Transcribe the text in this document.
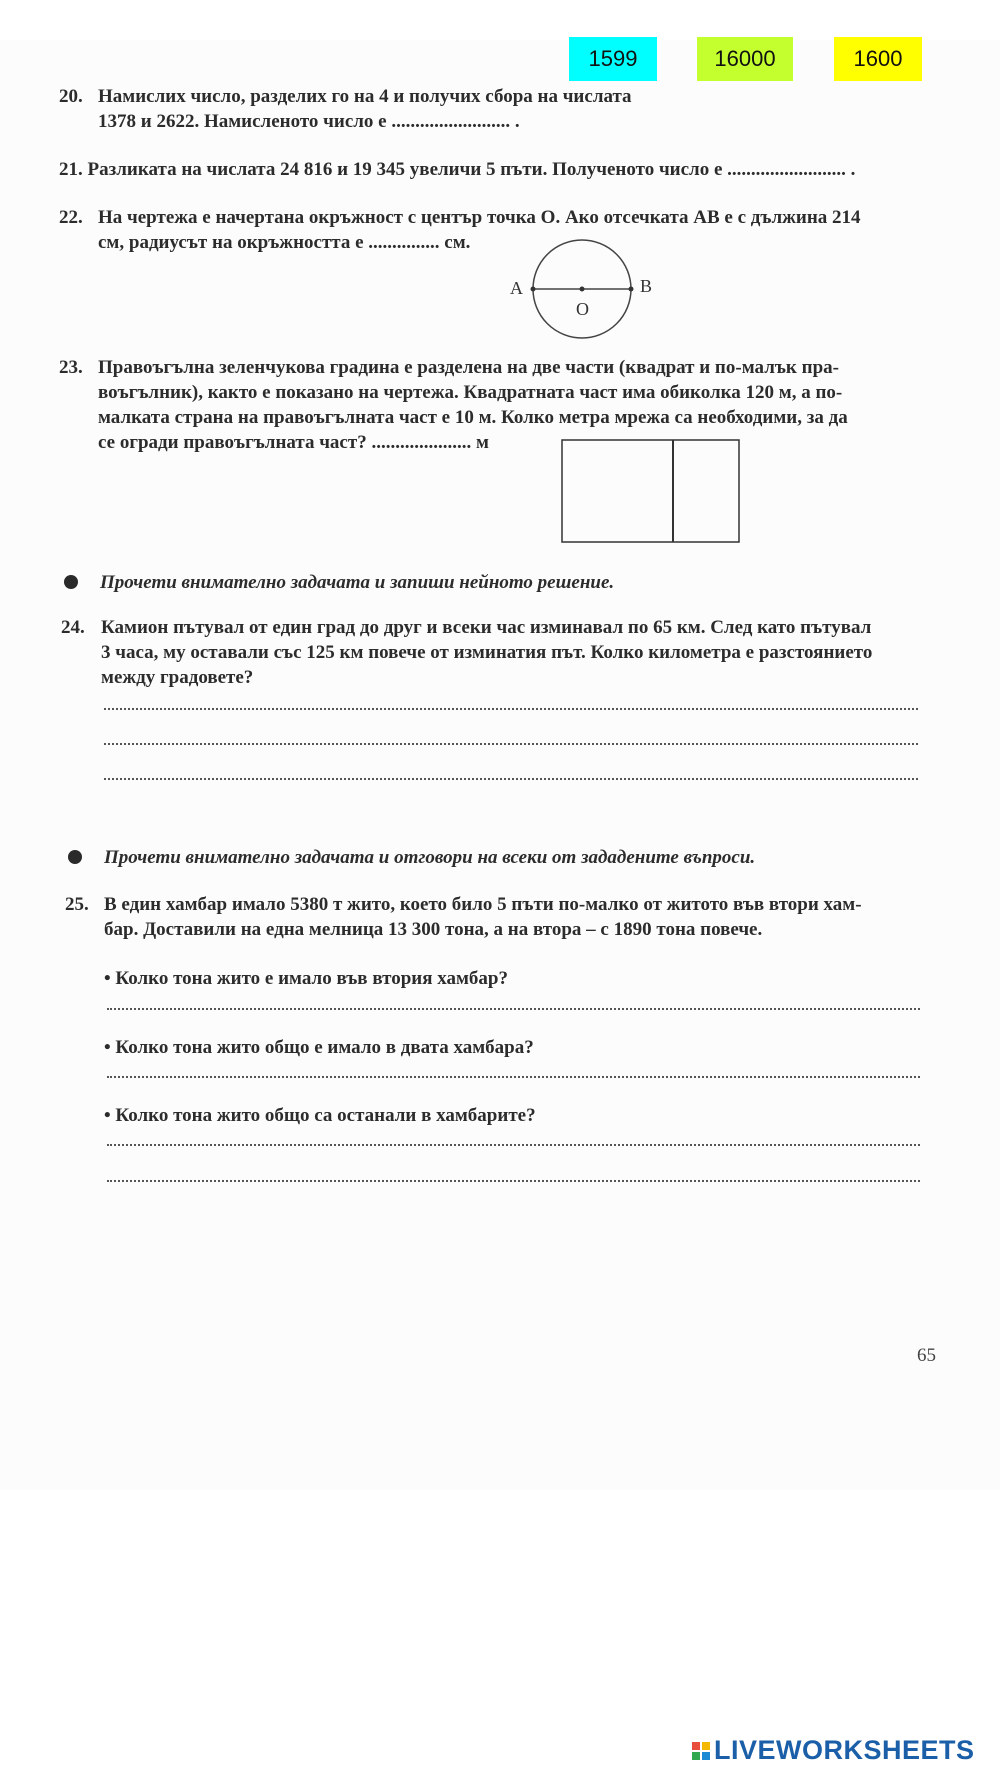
1599	16000	1600
20. Намислих число, разделих го на 4 и получих сбора на числата
1378 и 2622. Намисленото число е ......................... .
21. Разликата на числата 24 816 и 19 345 увеличи 5 пъти. Полученото число е ......................... .
22. На чертежа е начертана окръжност с център точка O. Ако отсечката AB е с дължина 214
см, радиусът на окръжността е ............... см.
A	B
O
23. Правоъгълна зеленчукова градина е разделена на две части (квадрат и по-малък пра-
воъгълник), както е показано на чертежа. Квадратната част има обиколка 120 м, а по-
малката страна на правоъгълната част е 10 м. Колко метра мрежа са необходими, за да
се огради правоъгълната част? ..................... м
Прочети внимателно задачата и запиши нейното решение.
24. Камион пътувал от един град до друг и всеки час изминавал по 65 км. След като пътувал
3 часа, му оставали със 125 км повече от изминатия път. Колко километра е разстоянието
между градовете?
Прочети внимателно задачата и отговори на всеки от зададените въпроси.
25. В един хамбар имало 5380 т жито, което било 5 пъти по-малко от житото във втори хам-
бар. Доставили на една мелница 13 300 тона, а на втора – с 1890 тона повече.
• Колко тона жито е имало във втория хамбар?
• Колко тона жито общо е имало в двата хамбара?
• Колко тона жито общо са останали в хамбарите?
65
LIVEWORKSHEETS
